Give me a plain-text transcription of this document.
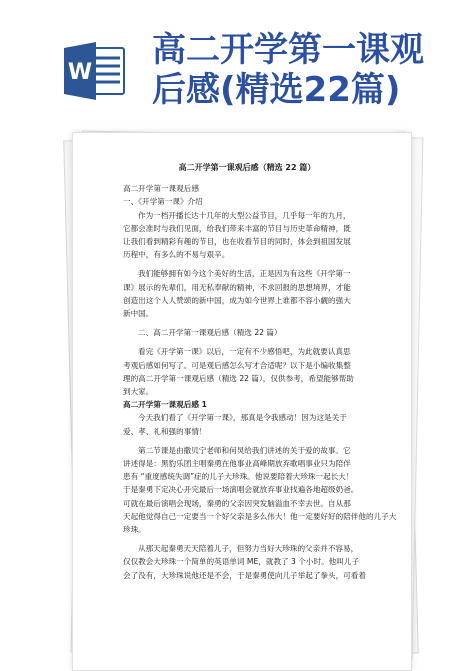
W
高二开学第一课观
后感(精选22篇)
高二开学第一课观后感（精选 22 篇）
高二开学第一课观后感
一、《开学第一课》介绍
作为一档开播长达十几年的大型公益节目，几乎每一年的九月，
它都会准时与我们见面，给我们带来丰富的节目与历史革命精神，既
让我们看到精彩有趣的节目，也在收看节目的同时，体会到祖国发展
历程中，有多么的不易与艰辛。
我们能够拥有如今这个美好的生活，正是因为有这些《开学第一
课》展示的先辈们，用无私奉献的精神，不求回报的思想境界，才能
创造出这个人人赞颂的新中国，成为如今世界上谁都不容小觑的强大
新中国。
二、高二开学第一课观后感（精选 22 篇）
看完《开学第一课》以后，一定有不少感悟吧，为此就要认真思
考观后感如何写了。可是观后感怎么写才合适呢？以下是小编收集整
理的高二开学第一课观后感（精选 22 篇），仅供参考，希望能够帮助
到大家。
高二开学第一课观后感 1
今天我们看了《开学第一课》，那真是令我感动！因为这是关于
爱、孝、礼和强的事情！
第二节课是由撒贝宁老师和何炅给我们讲述的关于爱的故事。它
讲述得是：黑豹乐团主唱秦勇在他事业高峰期放弃歌唱事业只为陪伴
患有 “重度感统失调”症的儿子大珍珠。他说要陪着大珍珠一起长大！
于是秦勇下定决心开完最后一场演唱会就放弃事业找遍各地超级奶爸。
可就在最后演唱会现场，秦勇的父亲因突发脑溢血不幸去世。自从那
天起他觉得自己一定要当一个好父亲是多么伟大！他一定要好好的陪伴他的儿子大
珍珠。
从那天起秦勇天天陪着儿子，但努力当好大珍珠的父亲并不容易，
仅仅教会大珍珠一个简单的英语单词 ME，就教了 3 个小时。他叫儿子
会了没有，大珍珠说他还是不会，于是秦勇使向儿子举起了拳头，可看着
